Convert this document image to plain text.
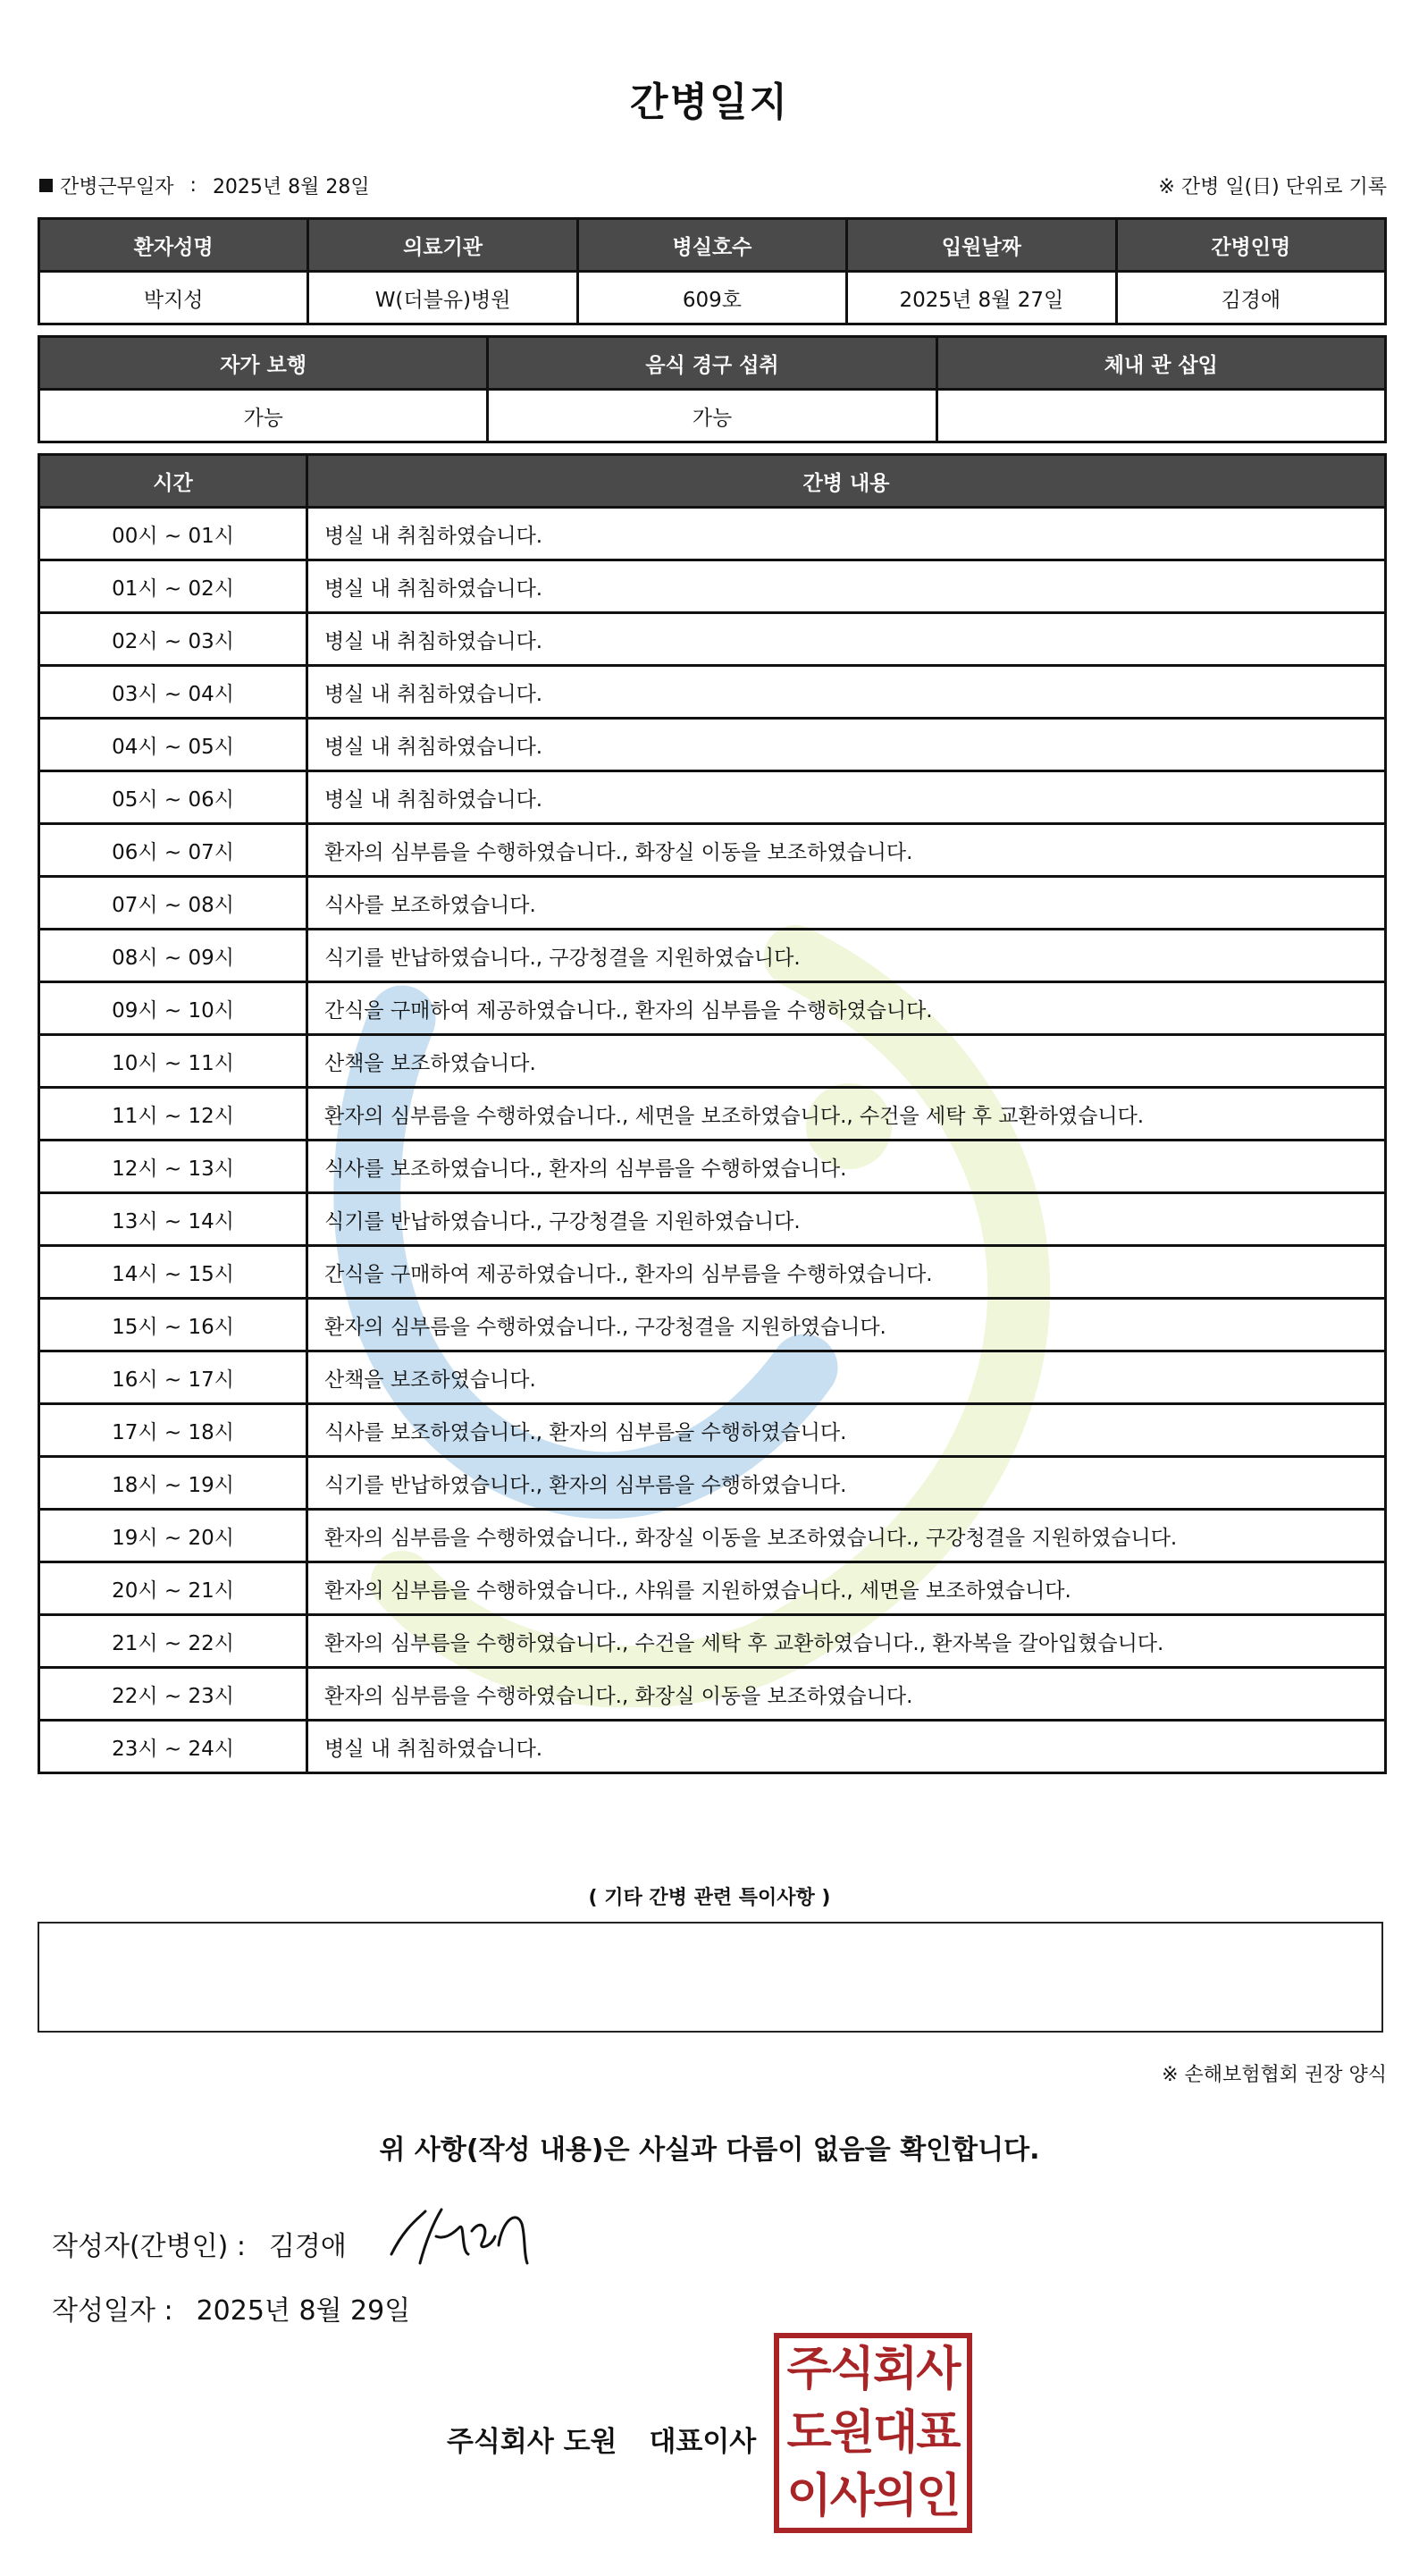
간병일지
간병근무일자 : 2025년 8월 28일	※ 간병 일(日) 단위로 기록
환자성명	의료기관	병실호수	입원날짜	간병인명
박지성	W(더블유)병원	609호	2025년 8월 27일	김경애
자가 보행	음식 경구 섭취	체내 관 삽입
가능	가능	
시간	간병 내용
00시 ~ 01시	병실 내 취침하였습니다.
01시 ~ 02시	병실 내 취침하였습니다.
02시 ~ 03시	병실 내 취침하였습니다.
03시 ~ 04시	병실 내 취침하였습니다.
04시 ~ 05시	병실 내 취침하였습니다.
05시 ~ 06시	병실 내 취침하였습니다.
06시 ~ 07시	환자의 심부름을 수행하였습니다., 화장실 이동을 보조하였습니다.
07시 ~ 08시	식사를 보조하였습니다.
08시 ~ 09시	식기를 반납하였습니다., 구강청결을 지원하였습니다.
09시 ~ 10시	간식을 구매하여 제공하였습니다., 환자의 심부름을 수행하였습니다.
10시 ~ 11시	산책을 보조하였습니다.
11시 ~ 12시	환자의 심부름을 수행하였습니다., 세면을 보조하였습니다., 수건을 세탁 후 교환하였습니다.
12시 ~ 13시	식사를 보조하였습니다., 환자의 심부름을 수행하였습니다.
13시 ~ 14시	식기를 반납하였습니다., 구강청결을 지원하였습니다.
14시 ~ 15시	간식을 구매하여 제공하였습니다., 환자의 심부름을 수행하였습니다.
15시 ~ 16시	환자의 심부름을 수행하였습니다., 구강청결을 지원하였습니다.
16시 ~ 17시	산책을 보조하였습니다.
17시 ~ 18시	식사를 보조하였습니다., 환자의 심부름을 수행하였습니다.
18시 ~ 19시	식기를 반납하였습니다., 환자의 심부름을 수행하였습니다.
19시 ~ 20시	환자의 심부름을 수행하였습니다., 화장실 이동을 보조하였습니다., 구강청결을 지원하였습니다.
20시 ~ 21시	환자의 심부름을 수행하였습니다., 샤워를 지원하였습니다., 세면을 보조하였습니다.
21시 ~ 22시	환자의 심부름을 수행하였습니다., 수건을 세탁 후 교환하였습니다., 환자복을 갈아입혔습니다.
22시 ~ 23시	환자의 심부름을 수행하였습니다., 화장실 이동을 보조하였습니다.
23시 ~ 24시	병실 내 취침하였습니다.
( 기타 간병 관련 특이사항 )
※ 손해보험협회 권장 양식
위 사항(작성 내용)은 사실과 다름이 없음을 확인합니다.
작성자(간병인) : 김경애
작성일자 : 2025년 8월 29일
주식회사 도원 대표이사
주식회사
도원대표
이사의인
